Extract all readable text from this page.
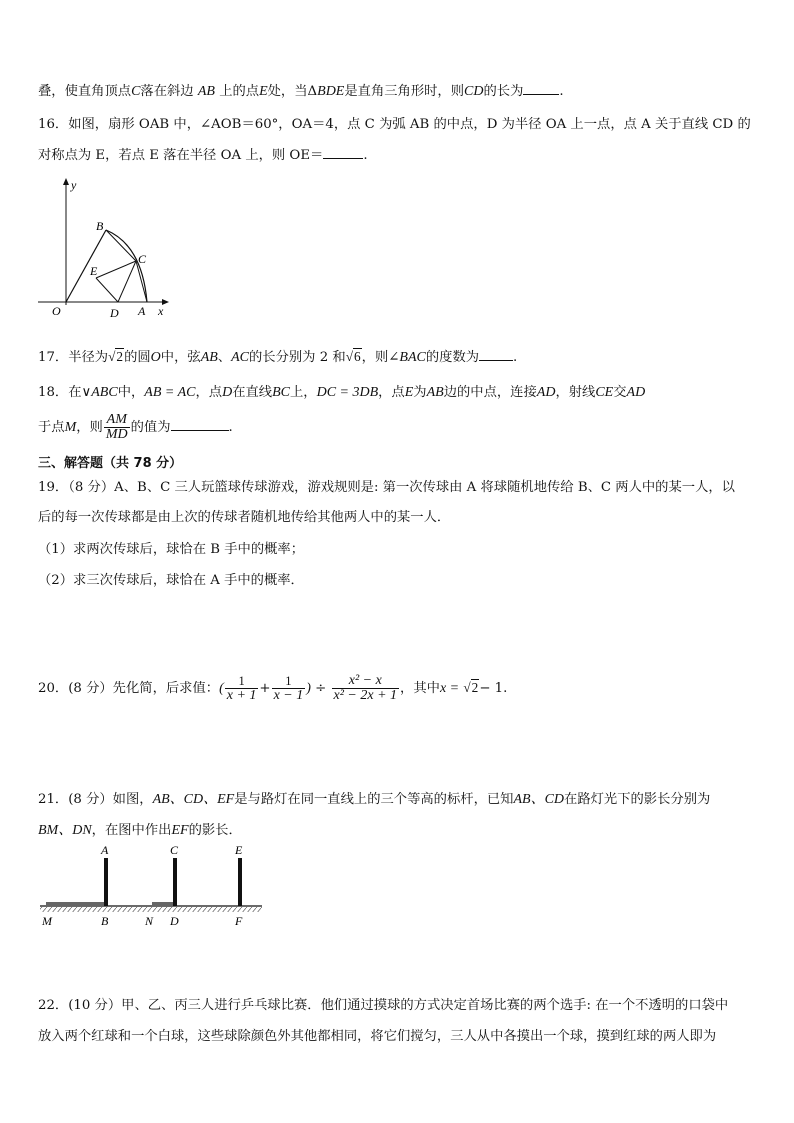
叠，使直角顶点C落在斜边 AB 上的点E处，当ΔBDE是直角三角形时，则CD的长为	.
16．如图，扇形 OAB 中，∠AOB＝60°，OA＝4，点 C 为弧 AB 的中点，D 为半径 OA 上一点，点 A 关于直线 CD 的
对称点为 E，若点 E 落在半径 OA 上，则 OE＝	.
y
x
O
B
C
E
D A
17．半径为√2的圆O中，弦AB、AC的长分别为 2 和√6，则∠BAC的度数为	.
18．在∨ABC中，AB = AC，点D在直线BC上，DC = 3DB，点E为AB边的中点，连接AD，射线CE交AD
于点M，则 $\frac{AM}{MD}$ 的值为	.
三、解答题（共 78 分）
19．（8 分）A、B、C 三人玩篮球传球游戏，游戏规则是: 第一次传球由 A 将球随机地传给 B、C 两人中的某一人，以
后的每一次传球都是由上次的传球者随机地传给其他两人中的某一人．
（1）求两次传球后，球恰在 B 手中的概率；
（2）求三次传球后，球恰在 A 手中的概率．
20．(8 分）先化简，后求值：( $\frac{1}{x + 1} + \frac{1}{x - 1}$ ) ÷ $\frac{\text{x² − x}}{\text{x² − 2x + 1}}$ ，其中x = √2− 1.
21．(8 分）如图，AB、CD、EF是与路灯在同一直线上的三个等高的标杆，已知AB、CD在路灯光下的影长分别为
BM、DN，在图中作出EF的影长．
A	C	E
M	B	N D	F
22．(10 分）甲、乙、丙三人进行乒乓球比赛．他们通过摸球的方式决定首场比赛的两个选手: 在一个不透明的口袋中
放入两个红球和一个白球，这些球除颜色外其他都相同，将它们搅匀，三人从中各摸出一个球，摸到红球的两人即为
